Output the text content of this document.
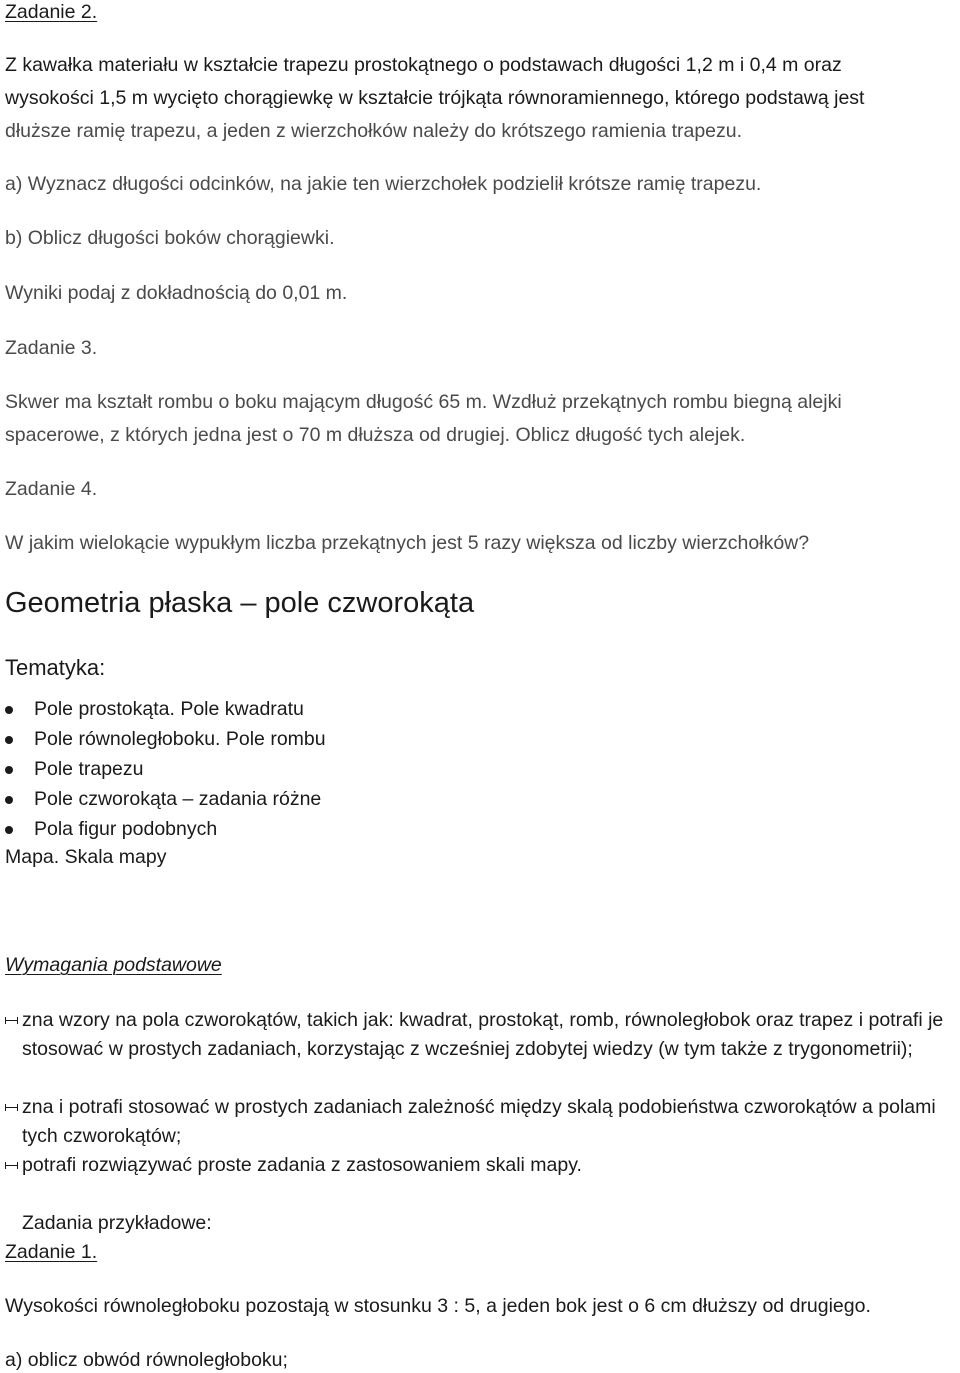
Zadanie 2.
Z kawałka materiału w kształcie trapezu prostokątnego o podstawach długości 1,2 m i 0,4 m oraz
wysokości 1,5 m wycięto chorągiewkę w kształcie trójkąta równoramiennego, którego podstawą jest
dłuższe ramię trapezu, a jeden z wierzchołków należy do krótszego ramienia trapezu.
a) Wyznacz długości odcinków, na jakie ten wierzchołek podzielił krótsze ramię trapezu.
b) Oblicz długości boków chorągiewki.
Wyniki podaj z dokładnością do 0,01 m.
Zadanie 3.
Skwer ma kształt rombu o boku mającym długość 65 m. Wzdłuż przekątnych rombu biegną alejki
spacerowe, z których jedna jest o 70 m dłuższa od drugiej. Oblicz długość tych alejek.
Zadanie 4.
W jakim wielokącie wypukłym liczba przekątnych jest 5 razy większa od liczby wierzchołków?
Geometria płaska – pole czworokąta
Tematyka:
Pole prostokąta. Pole kwadratu
Pole równoległoboku. Pole rombu
Pole trapezu
Pole czworokąta – zadania różne
Pola figur podobnych
Mapa. Skala mapy
Wymagania podstawowe
zna wzory na pola czworokątów, takich jak: kwadrat, prostokąt, romb, równoległobok oraz trapez i potrafi je stosować w prostych zadaniach, korzystając z wcześniej zdobytej wiedzy (w tym także z trygonometrii);
zna i potrafi stosować w prostych zadaniach zależność między skalą podobieństwa czworokątów a polami tych czworokątów;
potrafi rozwiązywać proste zadania z zastosowaniem skali mapy.
Zadania przykładowe:
Zadanie 1.
Wysokości równoległoboku pozostają w stosunku 3 : 5, a jeden bok jest o 6 cm dłuższy od drugiego.
a) oblicz obwód równoległoboku;
